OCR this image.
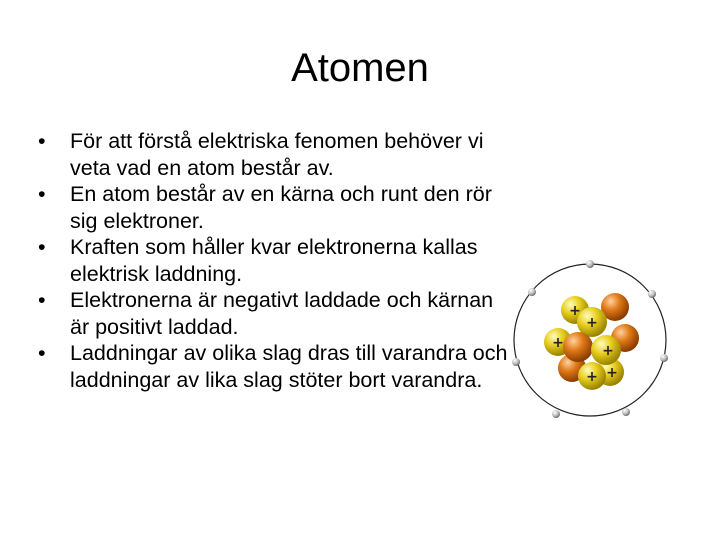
Atomen
• För att förstå elektriska fenomen behöver vi veta vad en atom består av.
• En atom består av en kärna och runt den rör sig elektroner.
• Kraften som håller kvar elektronerna kallas elektrisk laddning.
• Elektronerna är negativt laddade och kärnan är positivt laddad.
• Laddningar av olika slag dras till varandra och laddningar av lika slag stöter bort varandra.
+
+
+	+
+
+
